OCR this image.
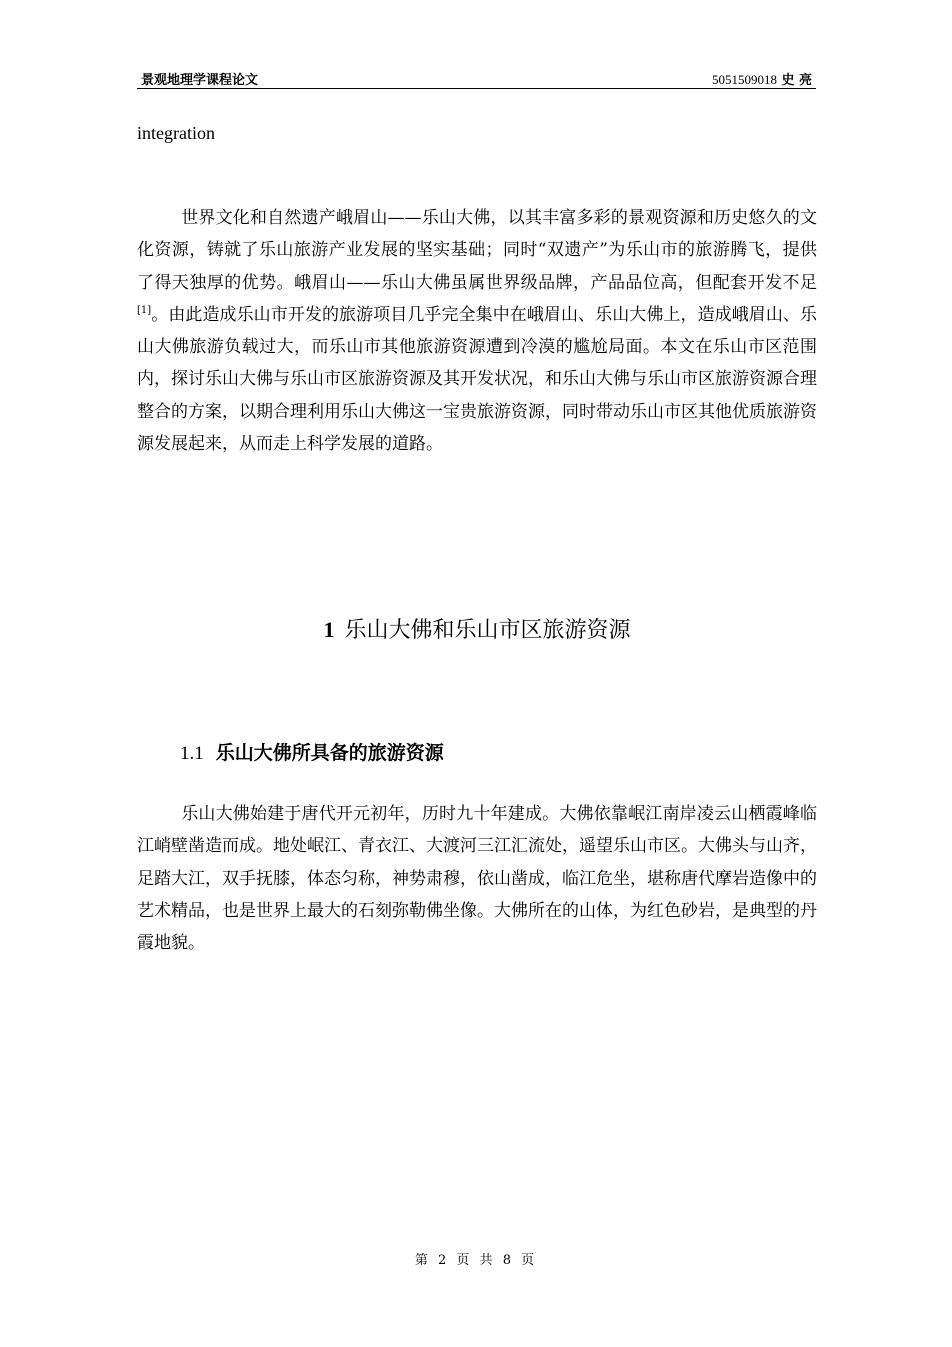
景观地理学课程论文	5051509018 史 亮
integration
世界文化和自然遗产峨眉山——乐山大佛，以其丰富多彩的景观资源和历史悠久的文化资源，铸就了乐山旅游产业发展的坚实基础；同时“双遗产”为乐山市的旅游腾飞，提供了得天独厚的优势。峨眉山——乐山大佛虽属世界级品牌，产品品位高，但配套开发不足[1]。由此造成乐山市开发的旅游项目几乎完全集中在峨眉山、乐山大佛上，造成峨眉山、乐山大佛旅游负载过大，而乐山市其他旅游资源遭到冷漠的尴尬局面。本文在乐山市区范围内，探讨乐山大佛与乐山市区旅游资源及其开发状况，和乐山大佛与乐山市区旅游资源合理整合的方案，以期合理利用乐山大佛这一宝贵旅游资源，同时带动乐山市区其他优质旅游资源发展起来，从而走上科学发展的道路。
1 乐山大佛和乐山市区旅游资源
1.1 乐山大佛所具备的旅游资源
乐山大佛始建于唐代开元初年，历时九十年建成。大佛依靠岷江南岸凌云山栖霞峰临江峭壁凿造而成。地处岷江、青衣江、大渡河三江汇流处，遥望乐山市区。大佛头与山齐，足踏大江，双手抚膝，体态匀称，神势肃穆，依山凿成，临江危坐，堪称唐代摩岩造像中的艺术精品，也是世界上最大的石刻弥勒佛坐像。大佛所在的山体，为红色砂岩，是典型的丹霞地貌。
第 2 页 共 8 页
